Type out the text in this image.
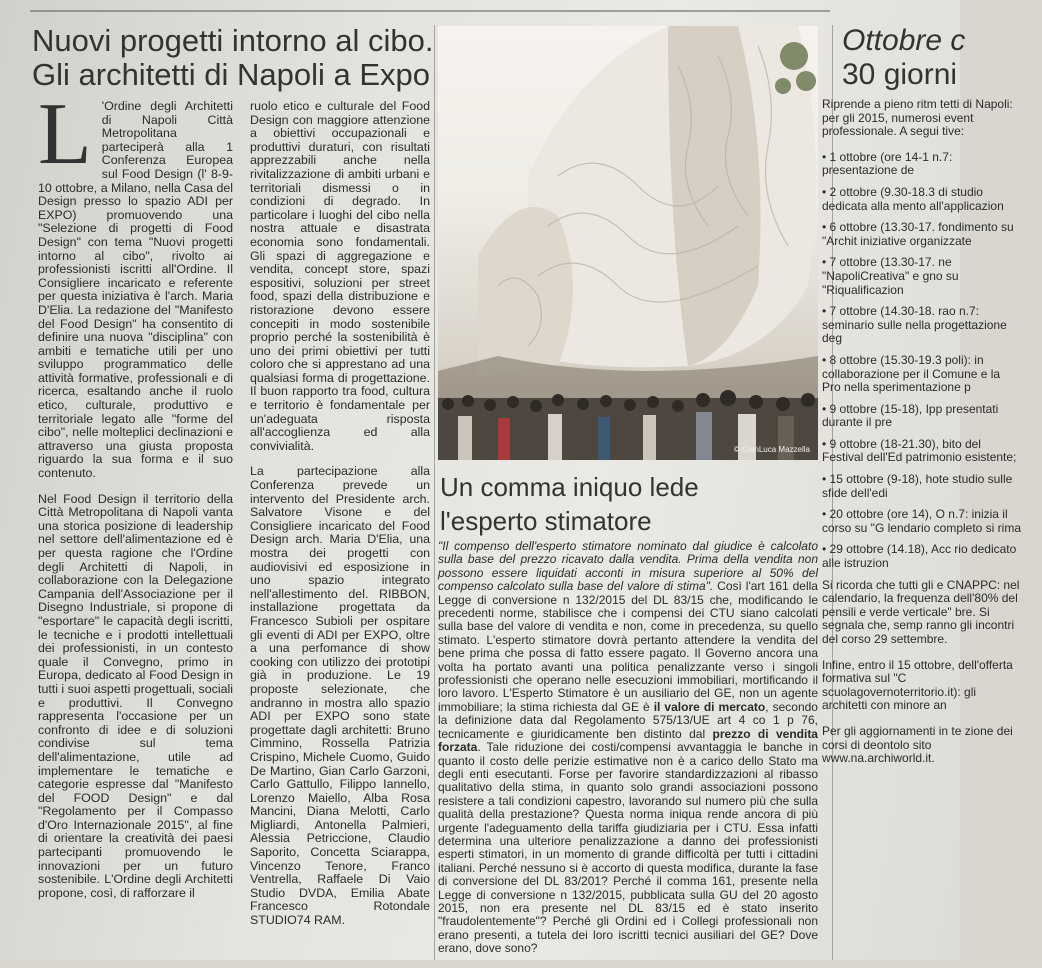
Nuovi progetti intorno al cibo.
Gli architetti di Napoli a Expo

L 'Ordine degli Architetti di Napoli Città Metropolitana parteciperà alla 1 Conferenza Europea sul Food Design (l' 8-9-10 ottobre, a Milano, nella Casa del Design presso lo spazio ADI per EXPO) promuovendo una "Selezione di progetti di Food Design" con tema "Nuovi progetti intorno al cibo", rivolto ai professionisti iscritti all'Ordine. Il Consigliere incaricato e referente per questa iniziativa è l'arch. Maria D'Elia. La redazione del "Manifesto del Food Design" ha consentito di definire una nuova "disciplina" con ambiti e tematiche utili per uno sviluppo programmatico delle attività formative, professionali e di ricerca, esaltando anche il ruolo etico, culturale, produttivo e territoriale legato alle "forme del cibo", nelle molteplici declinazioni e attraverso una giusta proposta riguardo la sua forma e il suo contenuto.

Nel Food Design il territorio della Città Metropolitana di Napoli vanta una storica posizione di leadership nel settore dell'alimentazione ed è per questa ragione che l'Ordine degli Architetti di Napoli, in collaborazione con la Delegazione Campania dell'Associazione per il Disegno Industriale, si propone di "esportare" le capacità degli iscritti, le tecniche e i prodotti intellettuali dei professionisti, in un contesto quale il Convegno, primo in Europa, dedicato al Food Design in tutti i suoi aspetti progettuali, sociali e produttivi. Il Convegno rappresenta l'occasione per un confronto di idee e di soluzioni condivise sul tema dell'alimentazione, utile ad implementare le tematiche e categorie espresse dal "Manifesto del FOOD Design" e dal "Regolamento per il Compasso d'Oro Internazionale 2015", al fine di orientare la creatività dei paesi partecipanti promuovendo le innovazioni per un futuro sostenibile. L'Ordine degli Architetti propone, così, di rafforzare il

ruolo etico e culturale del Food Design con maggiore attenzione a obiettivi occupazionali e produttivi duraturi, con risultati apprezzabili anche nella rivitalizzazione di ambiti urbani e territoriali dismessi o in condizioni di degrado. In particolare i luoghi del cibo nella nostra attuale e disastrata economia sono fondamentali. Gli spazi di aggregazione e vendita, concept store, spazi espositivi, soluzioni per street food, spazi della distribuzione e ristorazione devono essere concepiti in modo sostenibile proprio perché la sostenibilità è uno dei primi obiettivi per tutti coloro che si apprestano ad una qualsiasi forma di progettazione. Il buon rapporto tra food, cultura e territorio è fondamentale per un'adeguata risposta all'accoglienza ed alla convivialità.

La partecipazione alla Conferenza prevede un intervento del Presidente arch. Salvatore Visone e del Consigliere incaricato del Food Design arch. Maria D'Elia, una mostra dei progetti con audiovisivi ed esposizione in uno spazio integrato nell'allestimento del. RIBBON, installazione progettata da Francesco Subioli per ospitare gli eventi di ADI per EXPO, oltre a una perfomance di show cooking con utilizzo dei prototipi già in produzione. Le 19 proposte selezionate, che andranno in mostra allo spazio ADI per EXPO sono state progettate dagli architetti: Bruno Cimmino, Rossella Patrizia Crispino, Michele Cuomo, Guido De Martino, Gian Carlo Garzoni, Carlo Gattullo, Filippo Iannello, Lorenzo Maiello, Alba Rosa Mancini, Diana Melotti, Carlo Migliardi, Antonella Palmieri, Alessia Petriccione, Claudio Saporito, Concetta Sciarappa, Vincenzo Tenore, Franco Ventrella, Raffaele Di Vaio Studio DVDA, Emilia Abate Francesco Rotondale STUDIO74 RAM.

© GianLuca Mazzella
Un comma iniquo lede
l'esperto stimatore

"Il compenso dell'esperto stimatore nominato dal giudice è calcolato sulla base del prezzo ricavato dalla vendita. Prima della vendita non possono essere liquidati acconti in misura superiore al 50% del compenso calcolato sulla base del valore di stima". Così l'art 161 della Legge di conversione n 132/2015 del DL 83/15 che, modificando le precedenti norme, stabilisce che i compensi dei CTU siano calcolati sulla base del valore di vendita e non, come in precedenza, su quello stimato. L'esperto stimatore dovrà pertanto attendere la vendita del bene prima che possa di fatto essere pagato. Il Governo ancora una volta ha portato avanti una politica penalizzante verso i singoli professionisti che operano nelle esecuzioni immobiliari, mortificando il loro lavoro. L'Esperto Stimatore è un ausiliario del GE, non un agente immobiliare; la stima richiesta dal GE è il valore di mercato, secondo la definizione data dal Regolamento 575/13/UE art 4 co 1 p 76, tecnicamente e giuridicamente ben distinto dal prezzo di vendita forzata. Tale riduzione dei costi/compensi avvantaggia le banche in quanto il costo delle perizie estimative non è a carico dello Stato ma degli enti esecutanti. Forse per favorire standardizzazioni al ribasso qualitativo della stima, in quanto solo grandi associazioni possono resistere a tali condizioni capestro, lavorando sul numero più che sulla qualità della prestazione? Questa norma iniqua rende ancora di più urgente l'adeguamento della tariffa giudiziaria per i CTU. Essa infatti determina una ulteriore penalizzazione a danno dei professionisti esperti stimatori, in un momento di grande difficoltà per tutti i cittadini italiani. Perché nessuno si è accorto di questa modifica, durante la fase di conversione del DL 83/201? Perché il comma 161, presente nella Legge di conversione n 132/2015, pubblicata sulla GU del 20 agosto 2015, non era presente nel DL 83/15 ed è stato inserito "fraudolentemente"? Perché gli Ordini ed i Collegi professionali non erano presenti, a tutela dei loro iscritti tecnici ausiliari del GE? Dove erano, dove sono?

Ottobre c
30 giorni

Riprende a pieno ritm tetti di Napoli: per gli 2015, numerosi event professionale. A segui tive:

• 1 ottobre (ore 14-1 n.7: presentazione de
• 2 ottobre (9.30-18.3 di studio dedicata alla mento all'applicazion
• 6 ottobre (13.30-17. fondimento su "Archit iniziative organizzate
• 7 ottobre (13.30-17. ne "NapoliCreativa" e gno su "Riqualificazion
• 7 ottobre (14.30-18. rao n.7: seminario sulle nella progettazione deg
• 8 ottobre (15.30-19.3 poli): in collaborazione per il Comune e la Pro nella sperimentazione p
• 9 ottobre (15-18), Ipp presentati durante il pre
• 9 ottobre (18-21.30), bito del Festival dell'Ed patrimonio esistente;
• 15 ottobre (9-18), hote studio sulle sfide dell'edi
• 20 ottobre (ore 14), O n.7: inizia il corso su "G lendario completo si rima
• 29 ottobre (14.18), Acc rio dedicato alle istruzion

Si ricorda che tutti gli e CNAPPC: nel calendario, la frequenza dell'80% del pensili e verde verticale" bre. Si segnala che, semp ranno gli incontri del corso 29 settembre.

Infine, entro il 15 ottobre, dell'offerta formativa sul "C scuolagovernoterritorio.it): gli architetti con minore an

Per gli aggiornamenti in te zione dei corsi di deontolo sito www.na.archiworld.it.
